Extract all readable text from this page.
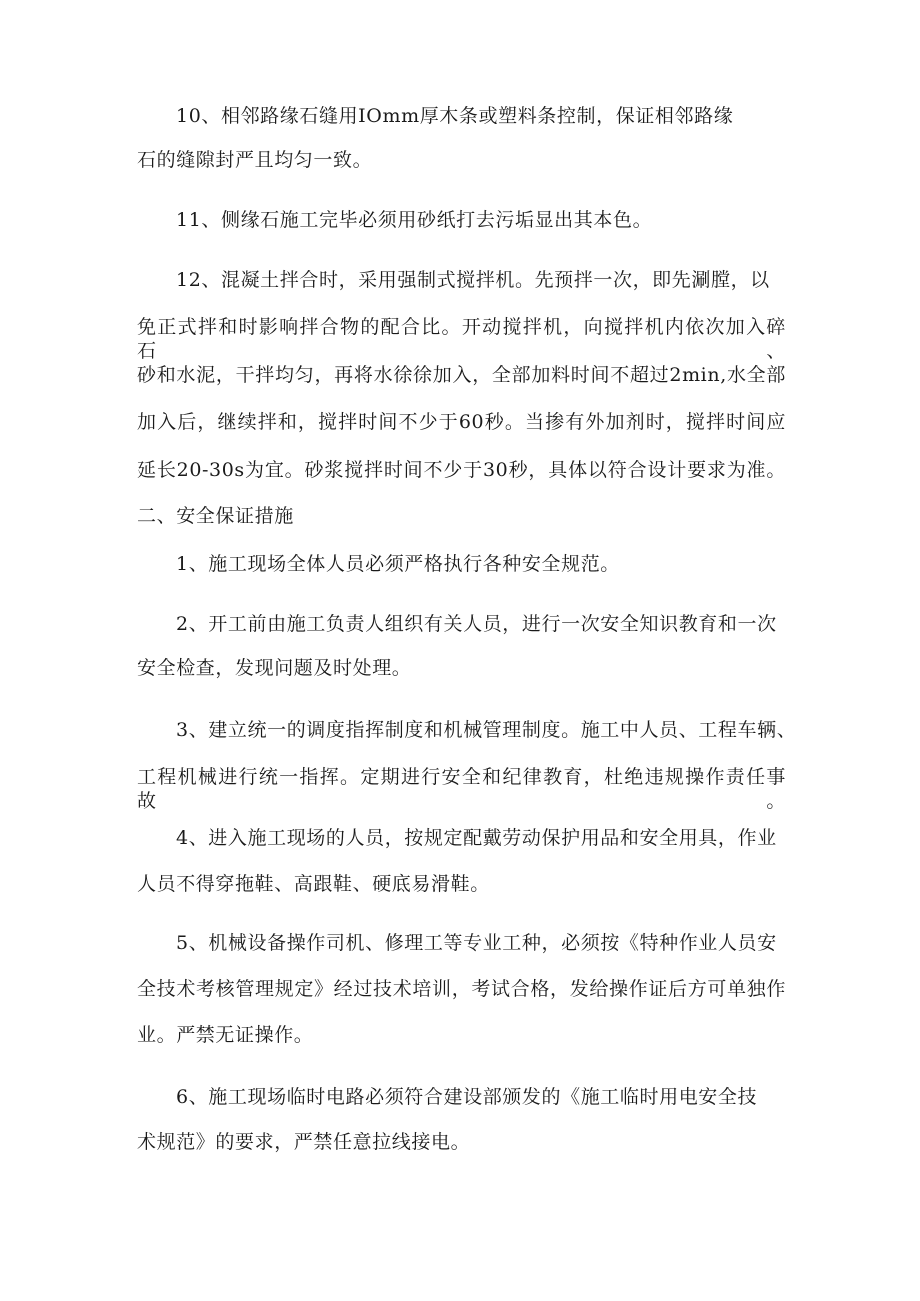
10、相邻路缘石缝用IOmm厚木条或塑料条控制，保证相邻路缘

石的缝隙封严且均匀一致。

11、侧缘石施工完毕必须用砂纸打去污垢显出其本色。

12、混凝土拌合时，采用强制式搅拌机。先预拌一次，即先涮膛，以

免正式拌和时影响拌合物的配合比。开动搅拌机，向搅拌机内依次加入碎石、

砂和水泥，干拌均匀，再将水徐徐加入，全部加料时间不超过2min,水全部

加入后，继续拌和，搅拌时间不少于60秒。当掺有外加剂时，搅拌时间应

延长20-30s为宜。砂浆搅拌时间不少于30秒，具体以符合设计要求为准。

二、安全保证措施

1、施工现场全体人员必须严格执行各种安全规范。

2、开工前由施工负责人组织有关人员，进行一次安全知识教育和一次

安全检查，发现问题及时处理。

3、建立统一的调度指挥制度和机械管理制度。施工中人员、工程车辆、

工程机械进行统一指挥。定期进行安全和纪律教育，杜绝违规操作责任事故。

4、进入施工现场的人员，按规定配戴劳动保护用品和安全用具，作业

人员不得穿拖鞋、高跟鞋、硬底易滑鞋。

5、机械设备操作司机、修理工等专业工种，必须按《特种作业人员安

全技术考核管理规定》经过技术培训，考试合格，发给操作证后方可单独作

业。严禁无证操作。

6、施工现场临时电路必须符合建设部颁发的《施工临时用电安全技

术规范》的要求，严禁任意拉线接电。
